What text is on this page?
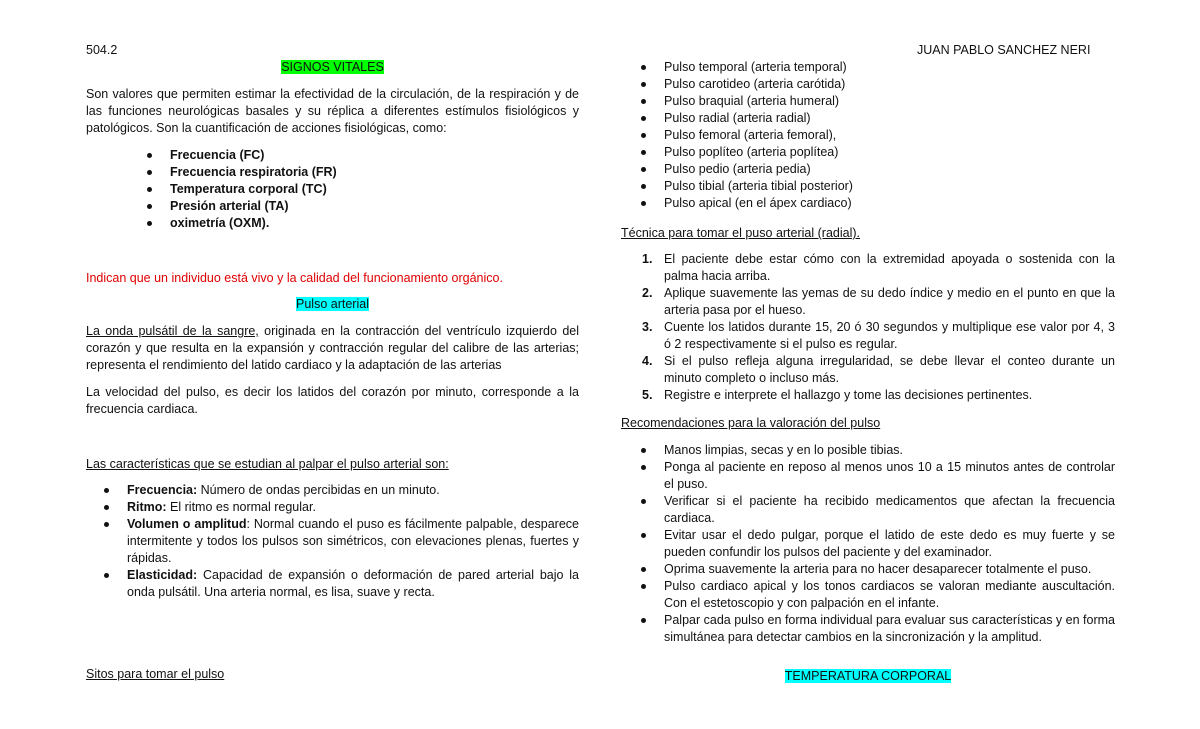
504.2	JUAN PABLO SANCHEZ NERI
SIGNOS VITALES
Son valores que permiten estimar la efectividad de la circulación, de la respiración y de las funciones neurológicas basales y su réplica a diferentes estímulos fisiológicos y patológicos. Son la cuantificación de acciones fisiológicas, como:
Frecuencia (FC)
Frecuencia respiratoria (FR)
Temperatura corporal (TC)
Presión arterial (TA)
oximetría (OXM).
Indican que un individuo está vivo y la calidad del funcionamiento orgánico.
Pulso arterial
La onda pulsátil de la sangre, originada en la contracción del ventrículo izquierdo del corazón y que resulta en la expansión y contracción regular del calibre de las arterias; representa el rendimiento del latido cardiaco y la adaptación de las arterias
La velocidad del pulso, es decir los latidos del corazón por minuto, corresponde a la frecuencia cardiaca.
Las características que se estudian al palpar el pulso arterial son:
Frecuencia: Número de ondas percibidas en un minuto.
Ritmo: El ritmo es normal regular.
Volumen o amplitud: Normal cuando el puso es fácilmente palpable, desparece intermitente y todos los pulsos son simétricos, con elevaciones plenas, fuertes y rápidas.
Elasticidad: Capacidad de expansión o deformación de pared arterial bajo la onda pulsátil. Una arteria normal, es lisa, suave y recta.
Sitos para tomar el pulso
Pulso temporal (arteria temporal)
Pulso carotideo (arteria carótida)
Pulso braquial (arteria humeral)
Pulso radial (arteria radial)
Pulso femoral (arteria femoral),
Pulso poplíteo (arteria poplítea)
Pulso pedio (arteria pedia)
Pulso tibial (arteria tibial posterior)
Pulso apical (en el ápex cardiaco)
Técnica para tomar el puso arterial (radial).
1. El paciente debe estar cómo con la extremidad apoyada o sostenida con la palma hacia arriba.
2. Aplique suavemente las yemas de su dedo índice y medio en el punto en que la arteria pasa por el hueso.
3. Cuente los latidos durante 15, 20 ó 30 segundos y multiplique ese valor por 4, 3 ó 2 respectivamente si el pulso es regular.
4. Si el pulso refleja alguna irregularidad, se debe llevar el conteo durante un minuto completo o incluso más.
5. Registre e interprete el hallazgo y tome las decisiones pertinentes.
Recomendaciones para la valoración del pulso
Manos limpias, secas y en lo posible tibias.
Ponga al paciente en reposo al menos unos 10 a 15 minutos antes de controlar el puso.
Verificar si el paciente ha recibido medicamentos que afectan la frecuencia cardiaca.
Evitar usar el dedo pulgar, porque el latido de este dedo es muy fuerte y se pueden confundir los pulsos del paciente y del examinador.
Oprima suavemente la arteria para no hacer desaparecer totalmente el puso.
Pulso cardiaco apical y los tonos cardiacos se valoran mediante auscultación. Con el estetoscopio y con palpación en el infante.
Palpar cada pulso en forma individual para evaluar sus características y en forma simultánea para detectar cambios en la sincronización y la amplitud.
TEMPERATURA CORPORAL
